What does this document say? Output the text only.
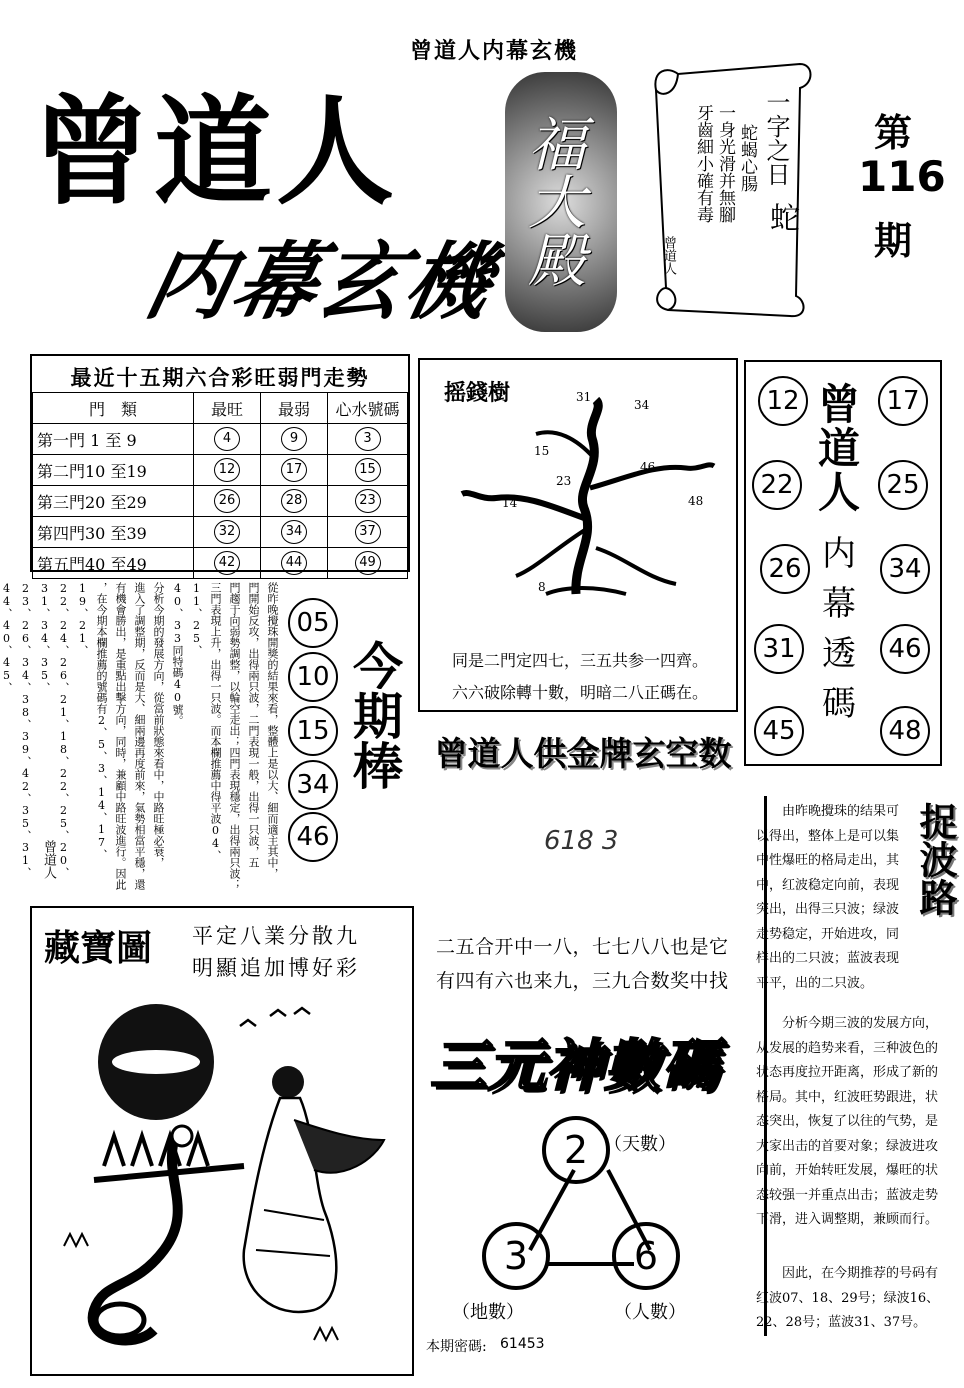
曾道人内幕玄機
曾道人
内幕玄機 福大殿	一字之日
蛇
蛇蝎心腸
一身光滑并無腳
牙齒細小確有毒
曾道人
第
116
期
最近十五期六合彩旺弱門走勢
門　類	最旺	最弱	心水號碼
第一門 1 至 9	4	9	3
第二門10 至19	12	17	15
第三門20 至29	26	28	23
第四門30 至39	32	34	37
第五門40 至49	42	44	49
摇錢樹	31
34
15
23
46
48
14
8
同是二門定四七，三五共参一四齊。
六六破除轉十數，明暗二八正碼在。
12	17
22	25
26	34
31	46
45	48
曾
道
人
内
幕
透
碼
從昨晚攪珠開獎的結果來看，整體上是以大、細而適主其中，
門開始反攻，出得兩只波，二門表現一般，出得一只波，五
門趨于向弱勢調整，以輪空走出；四門表現穩定，出得兩只波；
三門表現上升，出得一只波。而本欄推薦中得平波04、11、25、
40、33同特碼40號。
分析今期的發展方向，從當前狀態來看中，中路旺極必衰，
進入了調整期，反而是大、細兩邊再度前來，氣勢相當平穩，還
有機會勝出，是重點出擊方向，同時，兼顧中路旺波進行。因此
，在今期本欄推薦的號碼有2、5、3、14、17、19、21、
22、24、26、21、18、22、25、20、31、34、35、
23、26、34、38、39、42、35、31、44、40、45、
曾道人
05
10
15
34
46
今期棒 曾道人供金牌玄空数
618 3
二五合开中一八，七七八八也是它
有四有六也来九，三九合数奖中找
藏寶圖 平定八業分散九
明顯追加博好彩
三元神數碼
2
3	6
（天數）
（地數）	（人數）
本期密碼: 61453
捉波路
由昨晚攪珠的结果可以得出，整体上是可以集中性爆旺的格局走出，其中，红波稳定向前，表现突出，出得三只波；绿波走势稳定，开始进攻，同样出的二只波；蓝波表现平平，出的二只波。
分析今期三波的发展方向，从发展的趋势来看，三种波色的状态再度拉开距离，形成了新的格局。其中，红波旺势跟进，状态突出，恢复了以往的气势，是大家出击的首要对象；绿波进攻向前，开始转旺发展，爆旺的状态较强一并重点出击；蓝波走势下滑，进入调整期，兼顾而行。
因此，在今期推荐的号码有红波07、18、29号；绿波16、22、28号；蓝波31、37号。
